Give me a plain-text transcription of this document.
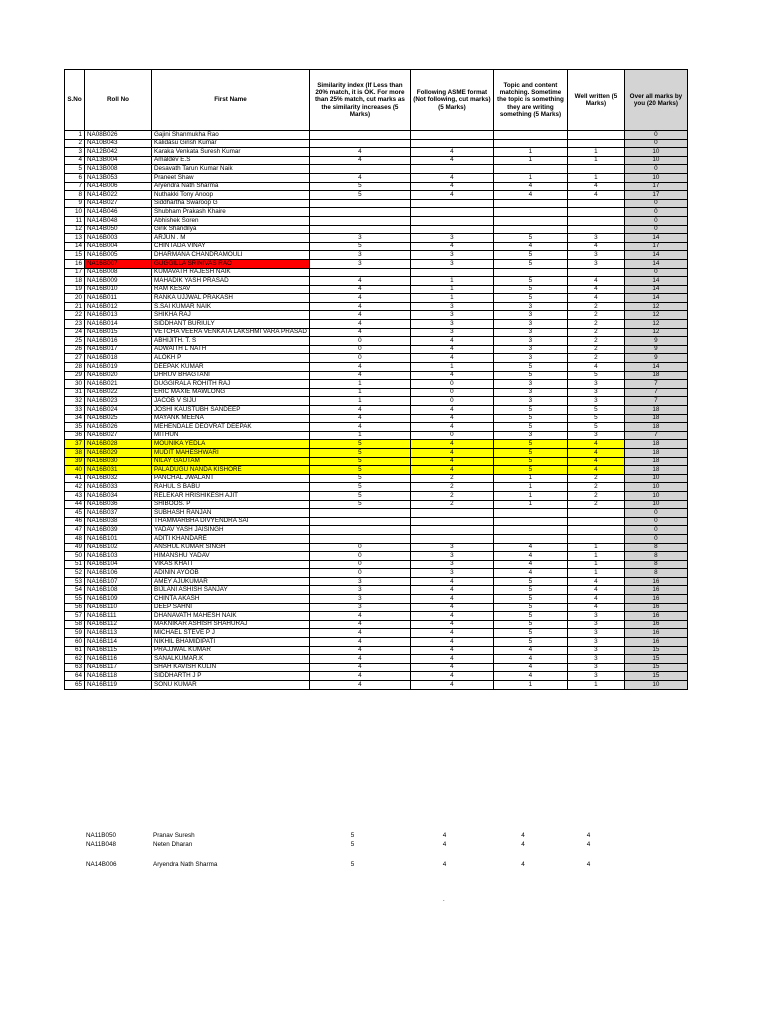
S.No	Roll No	First Name	Similarity index (If Less than 20% match, it is OK. For more than 25% match, cut marks as the similarity increases (5 Marks)	Following ASME format (Not following, cut marks) (5 Marks)	Topic and content matching. Sometime the topic is something they are writing something (5 Marks)	Well written (5 Marks)	Over all marks by you (20 Marks)
1	NA08B026	Gajini Shanmukha Rao					0
2	NA10B043	Kalidasu Girish Kumar					0
3	NA12B042	Karaka Venkata Suresh Kumar	4	4	1	1	10
4	NA13B004	Amaldev E.S	4	4	1	1	10
5	NA13B008	Desavath Tarun Kumar Naik					0
6	NA13B053	Praneet Shaw	4	4	1	1	10
7	NA14B006	Aryendra Nath Sharma	5	4	4	4	17
8	NA14B022	Nuthakki Tony Anoop	5	4	4	4	17
9	NA14B027	Siddhartha Swaroop G					0
10	NA14B046	Shubham Prakash Khaire					0
11	NA14B048	Abhishek Soren					0
12	NA14B050	Girik Shandilya					0
13	NA16B003	ARJUN . M	3	3	5	3	14
14	NA16B004	CHINTADA VINAY	5	4	4	4	17
15	NA16B005	DHARMANA CHANDRAMOULI	3	3	5	3	14
16	NA16B007	GUGGILLA SRINIVAS RAO	3	3	5	3	14
17	NA16B008	KUMAVATH RAJESH NAIK					0
18	NA16B009	MAHADIK YASH PRASAD	4	1	5	4	14
19	NA16B010	RAM KESAV	4	1	5	4	14
20	NA16B011	RANKA UJJWAL PRAKASH	4	1	5	4	14
21	NA16B012	S.SAI KUMAR NAIK	4	3	3	2	12
22	NA16B013	SHIKHA RAJ	4	3	3	2	12
23	NA16B014	SIDDHANT BURIULY	4	3	3	2	12
24	NA16B015	VETCHA VEERA VENKATA LAKSHMI VARA PRASAD	4	3	3	2	12
25	NA16B016	ABHIJITH. T. S	0	4	3	2	9
26	NA16B017	ADWAITH L NATH	0	4	3	2	9
27	NA16B018	ALOKH P	0	4	3	2	9
28	NA16B019	DEEPAK KUMAR	4	1	5	4	14
29	NA16B020	DHRUV BHAGTANI	4	4	5	5	18
30	NA16B021	DUGGIRALA ROHITH RAJ	1	0	3	3	7
31	NA16B022	ERIC MAXIE MAWLONG	1	0	3	3	7
32	NA16B023	JACOB V SIJU	1	0	3	3	7
33	NA16B024	JOSHI KAUSTUBH SANDEEP	4	4	5	5	18
34	NA16B025	MAYANK MEENA	4	4	5	5	18
35	NA16B026	MEHENDALE DEOVRAT DEEPAK	4	4	5	5	18
36	NA16B027	MITHUN	1	0	3	3	7
37	NA16B028	MOUNIKA YEDLA	5	4	5	4	18
38	NA16B029	MUDIT MAHESHWARI	5	4	5	4	18
39	NA16B030	NILAY GAUTAM	5	4	5	4	18
40	NA16B031	PALADUGU NANDA KISHORE	5	4	5	4	18
41	NA16B032	PANCHAL JWALANT	5	2	1	2	10
42	NA16B033	RAHUL S BABU	5	2	1	2	10
43	NA16B034	RELEKAR HRISHIKESH AJIT	5	2	1	2	10
44	NA16B036	SHIBOOS. P	5	2	1	2	10
45	NA16B037	SUBHASH RANJAN					0
46	NA16B038	THAMMARBHA DIVYENDRA SAI					0
47	NA16B039	YADAV YASH JAISINGH					0
48	NA16B101	ADITI KHANDARE					0
49	NA16B102	ANSHUL KUMAR SINGH	0	3	4	1	8
50	NA16B103	HIMANSHU YADAV	0	3	4	1	8
51	NA16B104	VIKAS KHATI	0	3	4	1	8
52	NA16B106	ADININ AYOOB	0	3	4	1	8
53	NA16B107	AMEY AJUKUMAR	3	4	5	4	16
54	NA16B108	BIJLANI ASHISH SANJAY	3	4	5	4	16
55	NA16B109	CHINTA AKASH	3	4	5	4	16
56	NA16B110	DEEP SAHNI	3	4	5	4	16
57	NA16B111	DHANAVATH MAHESH NAIK	4	4	5	3	16
58	NA16B112	MAKNIKAR ASHISH SHAHURAJ	4	4	5	3	16
59	NA16B113	MICHAEL STEVE P J	4	4	5	3	16
60	NA16B114	NIKHIL BHAMIDIPATI	4	4	5	3	16
61	NA16B115	PRAJJWAL KUMAR	4	4	4	3	15
62	NA16B116	SANALKUMAR.K	4	4	4	3	15
63	NA16B117	SHAH KAVISH KULIN	4	4	4	3	15
64	NA16B118	SIDDHARTH J P	4	4	4	3	15
65	NA16B119	SONU KUMAR	4	4	1	1	10
	NA11B050	Pranav Suresh	5	4	4	4
	NA11B048	Neten Dharan	5	4	4	4

	NA14B006	Aryendra Nath Sharma	5	4	4	4
.
